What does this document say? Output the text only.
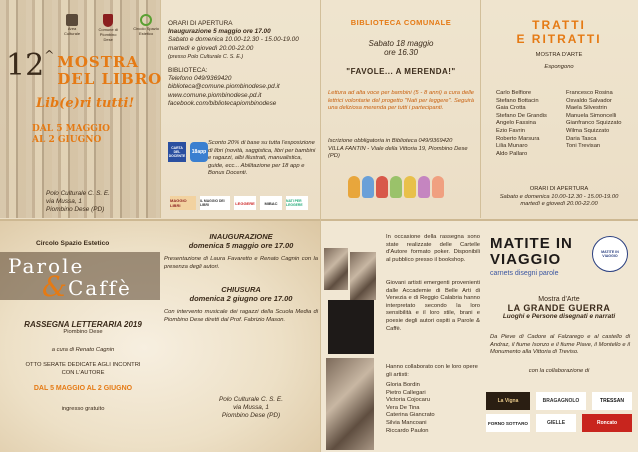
Area Culturale
Comune di Piombino Dese
Circolo Spazio Estetico
12 ^ MOSTRA
DEL LIBRO
Lib(e)ri tutti!
DAL 5 MAGGIO
AL 2 GIUGNO
Polo Culturale C. S. E.
via Mussa, 1
Piombino Dese (PD)
ORARI DI APERTURA
Inaugurazione 5 maggio ore 17.00
Sabato e domenica 10.00-12.30 - 15.00-19.00
martedì e giovedì 20.00-22.00
(presso Polo Culturale C. S. E.)
BIBLIOTECA:
Telefono 049/9369420
biblioteca@comune.piombinodese.pd.it
www.comune.piombinodese.pd.it
facebook.com/bibliotecapiombinodese
CARTA DEL DOCENTE
18app
Sconto 20% di base su tutta l'esposizione di libri (novità, saggistica, libri per bambini e ragazzi, albi illustrati, manualistica, guide, ecc... Abilitazione per 18 app e Bonus Docenti.
MAGGIO LIBRI
IL MAGGIO DEI LIBRI	LEGGERE	MIBAC	NATI PER LEGGERE
BIBLIOTECA COMUNALE
Sabato 18 maggio
ore 16.30
"FAVOLE... A MERENDA!"
Lettura ad alta voce per bambini (5 - 8 anni) a cura delle lettrici volontarie del progetto "Nati per leggere". Seguirà una deliziosa merenda per tutti i partecipanti.
Iscrizione obbligatoria in Biblioteca 049/9369420
VILLA FANTIN - Viale della Vittoria 19, Piombino Dese (PD)
TRATTI
E RITRATTI
MOSTRA D'ARTE
Espongono
Carlo Belfiore
Stefano Bottacin
Gaia Crotta
Stefano De Grandis
Angelo Fassina
Ezio Favrin
Roberto Marsura
Lilia Munaro
Aldo Pallaro
Francesco Rosina
Osvaldo Salvador
Maela Silvestrin
Manuela Simoncelli
Gianfranco Squizzato
Wilma Squizzato
Daria Tasca
Toni Trevisan
ORARI DI APERTURA
Sabato e domenica 10.00-12.30 - 15.00-19.00
martedì e giovedì 20.00-22.00
Circolo Spazio Estetico
Parole
& Caffè
RASSEGNA LETTERARIA 2019
Piombino Dese
a cura di Renato Cagnin
OTTO SERATE DEDICATE AGLI INCONTRI
CON L'AUTORE
DAL 5 MAGGIO AL 2 GIUGNO
ingresso gratuito
INAUGURAZIONE
domenica 5 maggio ore 17.00
Presentazione di Laura Favaretto e Renato Cagnin con la presenza degli autori.
CHIUSURA
domenica 2 giugno ore 17.00
Con intervento musicale dei ragazzi della Scuola Media di Piombino Dese diretti dal Prof. Fabrizio Mason.
Polo Culturale C. S. E.
via Mussa, 1
Piombino Dese (PD)
In occasione della rassegna sono state realizzate delle Cartelle d'Autore formato poker. Disponibili al pubblico presso il bookshop.
Giovani artisti emergenti provenienti dalle Accademie di Belle Arti di Venezia e di Reggio Calabria hanno interpretato secondo la loro sensibilità e il loro stile, brani e poesie degli autori ospiti a Parole & Caffè.
Hanno collaborato con le loro opere gli artisti:
Gloria Bordin
Pietro Callegari
Victoria Cojocaru
Vera De Tina
Caterina Giancrato
Silvia Mancoani
Riccardo Paulon
MATITE IN
VIAGGIO
carnets disegni parole
MATITE IN VIAGGIO
Mostra d'Arte
LA GRANDE GUERRA
Luoghi e Persone disegnati e narrati
Da Pieve di Cadore al Falzarego e al castello di Andraz, il fiume Isonzo e il fiume Piave, il Montello e il Monumento alla Vittoria di Treviso.
con la collaborazione di
La Vigna	BRAGAGNOLO	TRESSAN
FORNO SOTTARO	GIELLE	Roncato
